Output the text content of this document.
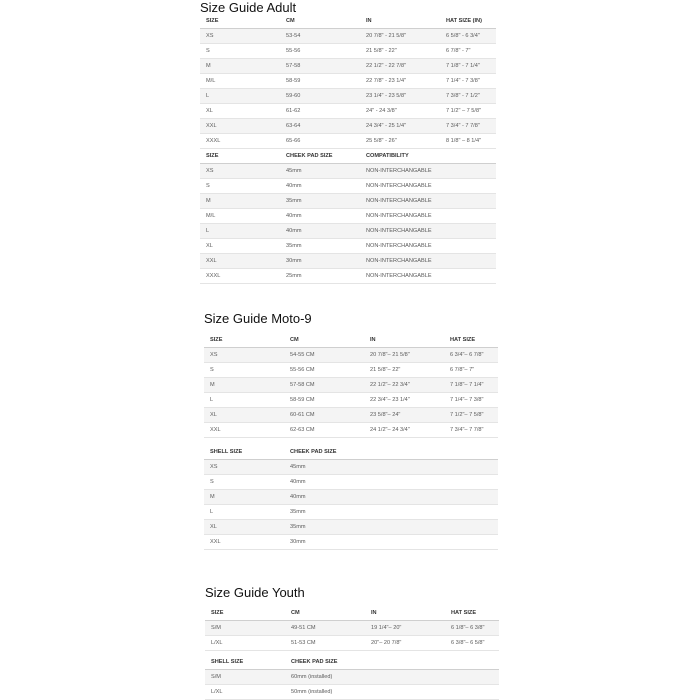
Size Guide Adult
SIZE	CM	IN	HAT SIZE (IN)
XS	53-54	20 7/8" - 21 5/8"	6 5/8" - 6 3/4"
S	55-56	21 5/8" - 22"	6 7/8" - 7"
M	57-58	22 1/2" - 22 7/8"	7 1/8" - 7 1/4"
M/L	58-59	22 7/8" - 23 1/4"	7 1/4" - 7 3/8"
L	59-60	23 1/4" - 23 5/8"	7 3/8" - 7 1/2"
XL	61-62	24" - 24 3/8"	7 1/2" – 7 5/8"
XXL	63-64	24 3/4" - 25 1/4"	7 3/4" - 7 7/8"
XXXL	65-66	25 5/8" - 26"	8 1/8" – 8 1/4"
SIZE	CHEEK PAD SIZE	COMPATIBILITY	
XS	45mm	NON-INTERCHANGABLE	
S	40mm	NON-INTERCHANGABLE	
M	35mm	NON-INTERCHANGABLE	
M/L	40mm	NON-INTERCHANGABLE	
L	40mm	NON-INTERCHANGABLE	
XL	35mm	NON-INTERCHANGABLE	
XXL	30mm	NON-INTERCHANGABLE	
XXXL	25mm	NON-INTERCHANGABLE	
Size Guide Moto-9
SIZE	CM	IN	HAT SIZE
XS	54-55 CM	20 7/8"– 21 5/8"	6 3/4"– 6 7/8"
S	55-56 CM	21 5/8"– 22"	6 7/8"– 7"
M	57-58 CM	22 1/2"– 22 3/4"	7 1/8"– 7 1/4"
L	58-59 CM	22 3/4"– 23 1/4"	7 1/4"– 7 3/8"
XL	60-61 CM	23 5/8"– 24"	7 1/2"– 7 5/8"
XXL	62-63 CM	24 1/2"– 24 3/4"	7 3/4"– 7 7/8"
SHELL SIZE	CHEEK PAD SIZE		
XS	45mm		
S	40mm		
M	40mm		
L	35mm		
XL	35mm		
XXL	30mm		
Size Guide Youth
SIZE	CM	IN	HAT SIZE
S/M	49-51 CM	19 1/4"– 20"	6 1/8"– 6 3/8"
L/XL	51-53 CM	20"– 20 7/8"	6 3/8"– 6 5/8"
SHELL SIZE	CHEEK PAD SIZE		
S/M	60mm (installed)		
L/XL	50mm (installed)		
